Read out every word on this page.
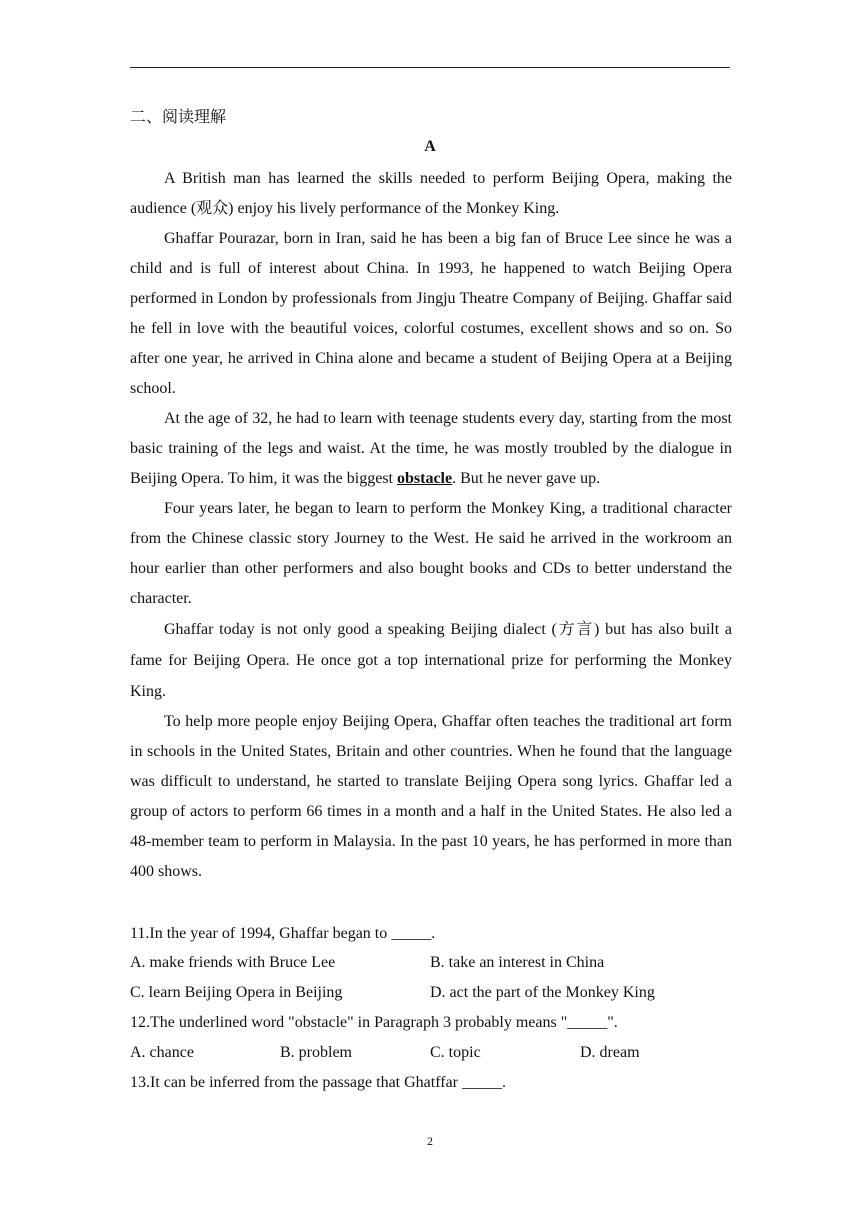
二、阅读理解
A

A British man has learned the skills needed to perform Beijing Opera, making the audience (观众) enjoy his lively performance of the Monkey King.

Ghaffar Pourazar, born in Iran, said he has been a big fan of Bruce Lee since he was a child and is full of interest about China. In 1993, he happened to watch Beijing Opera performed in London by professionals from Jingju Theatre Company of Beijing. Ghaffar said he fell in love with the beautiful voices, colorful costumes, excellent shows and so on. So after one year, he arrived in China alone and became a student of Beijing Opera at a Beijing school.

At the age of 32, he had to learn with teenage students every day, starting from the most basic training of the legs and waist. At the time, he was mostly troubled by the dialogue in Beijing Opera. To him, it was the biggest obstacle. But he never gave up.

Four years later, he began to learn to perform the Monkey King, a traditional character from the Chinese classic story Journey to the West. He said he arrived in the workroom an hour earlier than other performers and also bought books and CDs to better understand the character.

Ghaffar today is not only good a speaking Beijing dialect (方言) but has also built a fame for Beijing Opera. He once got a top international prize for performing the Monkey King.

To help more people enjoy Beijing Opera, Ghaffar often teaches the traditional art form in schools in the United States, Britain and other countries. When he found that the language was difficult to understand, he started to translate Beijing Opera song lyrics. Ghaffar led a group of actors to perform 66 times in a month and a half in the United States. He also led a 48-member team to perform in Malaysia. In the past 10 years, he has performed in more than 400 shows.

11.In the year of 1994, Ghaffar began to _____.
A. make friends with Bruce Lee	B. take an interest in China
C. learn Beijing Opera in Beijing	D. act the part of the Monkey King
12.The underlined word "obstacle" in Paragraph 3 probably means "_____".
A. chance	B. problem	C. topic	D. dream
13.It can be inferred from the passage that Ghatffar _____.
2
